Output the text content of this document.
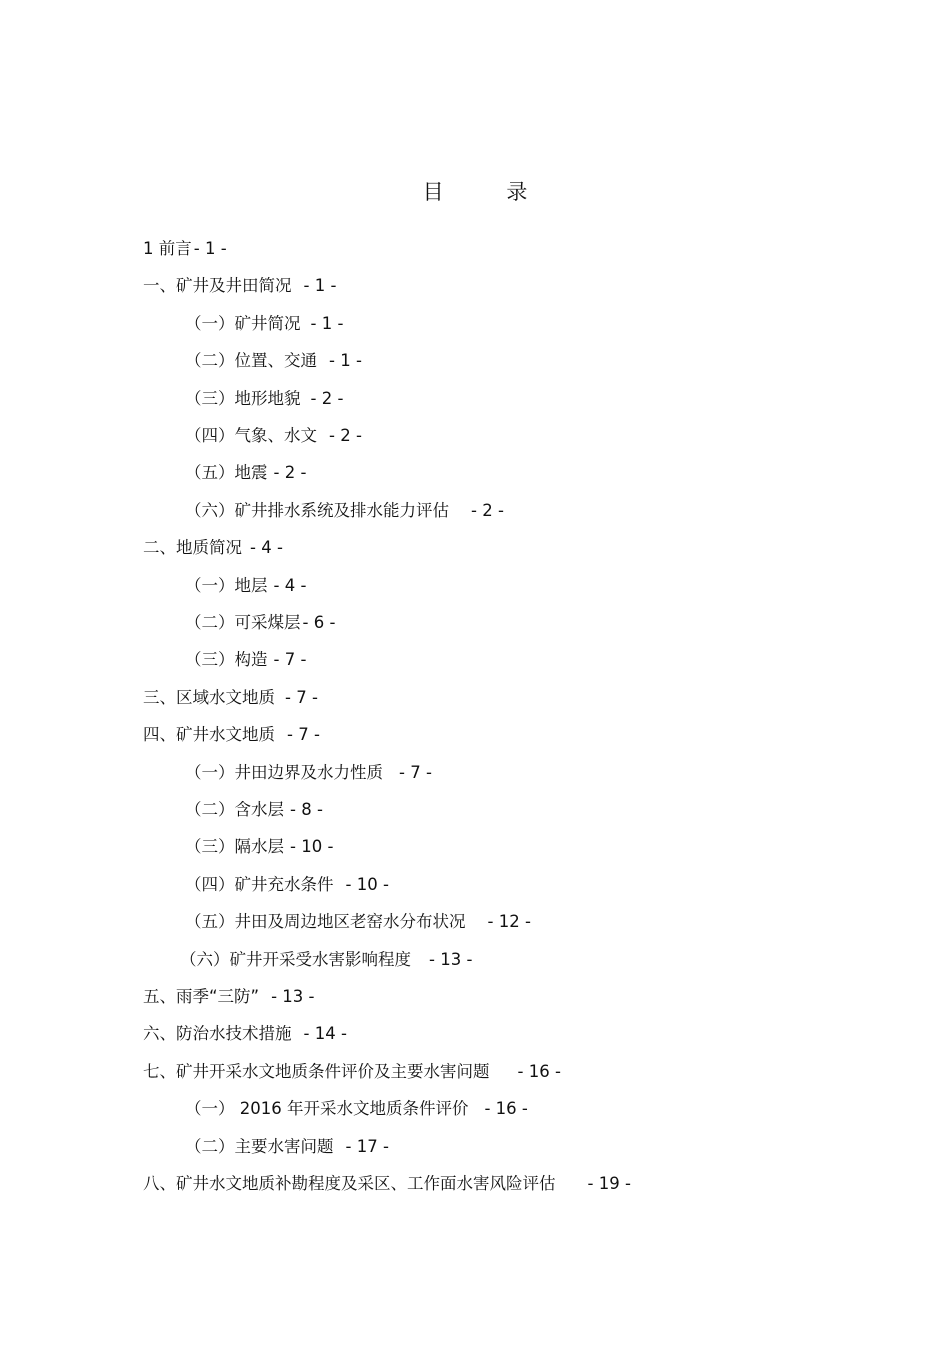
目 录
1 前言 - 1 -
一、矿井及井田简况 - 1 -
（一）矿井简况 - 1 -
（二）位置、交通 - 1 -
（三）地形地貌 - 2 -
（四）气象、水文 - 2 -
（五）地震 - 2 -
（六）矿井排水系统及排水能力评估 - 2 -
二、地质简况 - 4 -
（一）地层 - 4 -
（二）可采煤层 - 6 -
（三）构造 - 7 -
三、区域水文地质 - 7 -
四、矿井水文地质 - 7 -
（一）井田边界及水力性质 - 7 -
（二）含水层 - 8 -
（三）隔水层 - 10 -
（四）矿井充水条件 - 10 -
（五）井田及周边地区老窑水分布状况 - 12 -
（六）矿井开采受水害影响程度 - 13 -
五、雨季“三防” - 13 -
六、防治水技术措施 - 14 -
七、矿井开采水文地质条件评价及主要水害问题 - 16 -
（一） 2016 年开采水文地质条件评价 - 16 -
（二）主要水害问题 - 17 -
八、矿井水文地质补勘程度及采区、工作面水害风险评估 - 19 -
